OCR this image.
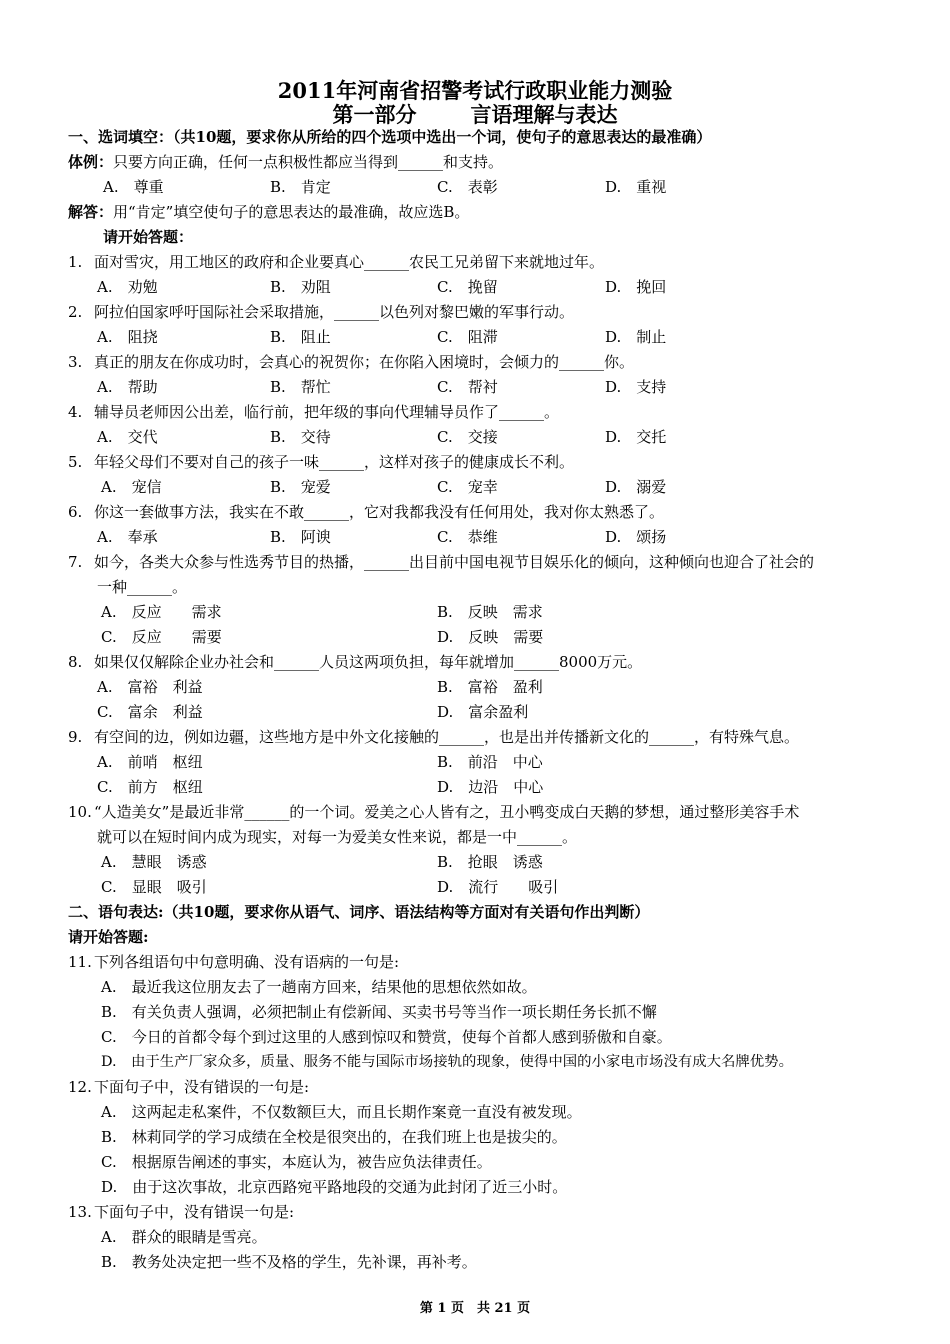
2011年河南省招警考试行政职业能力测验
第一部分	言语理解与表达
一、选词填空：（共10题，要求你从所给的四个选项中选出一个词，使句子的意思表达的最准确）
体例：只要方向正确，任何一点积极性都应当得到______和支持。
A.　尊重	B.　肯定	C.　表彰	D.　重视
解答：用“肯定”填空使句子的意思表达的最准确，故应选B。
请开始答题：
1. 面对雪灾，用工地区的政府和企业要真心______农民工兄弟留下来就地过年。
A.　劝勉	B.　劝阻	C.　挽留	D.　挽回
2. 阿拉伯国家呼吁国际社会采取措施，______以色列对黎巴嫩的军事行动。
A.　阻挠	B.　阻止	C.　阻滞	D.　制止
3. 真正的朋友在你成功时，会真心的祝贺你；在你陷入困境时，会倾力的______你。
A.　帮助	B.　帮忙	C.　帮衬	D.　支持
4. 辅导员老师因公出差，临行前，把年级的事向代理辅导员作了______。
A.　交代	B.　交待	C.　交接	D.　交托
5. 年轻父母们不要对自己的孩子一味______，这样对孩子的健康成长不利。
A.　宠信	B.　宠爱	C.　宠幸	D.　溺爱
6. 你这一套做事方法，我实在不敢______，它对我都我没有任何用处，我对你太熟悉了。
A.　奉承	B.　阿谀	C.　恭维	D.　颂扬
7. 如今，各类大众参与性选秀节目的热播，______出目前中国电视节目娱乐化的倾向，这种倾向也迎合了社会的
一种______。
A.　反应　　需求	B.　反映　需求
C.　反应　　需要	D.　反映　需要
8. 如果仅仅解除企业办社会和______人员这两项负担，每年就增加______8000万元。
A.　富裕　利益	B.　富裕　盈利
C.　富余　利益	D.　富余盈利
9. 有空间的边，例如边疆，这些地方是中外文化接触的______，也是出并传播新文化的______，有特殊气息。
A.　前哨　枢纽	B.　前沿　中心
C.　前方　枢纽	D.　边沿　中心
10. “人造美女”是最近非常______的一个词。爱美之心人皆有之，丑小鸭变成白天鹅的梦想，通过整形美容手术
就可以在短时间内成为现实，对每一为爱美女性来说，都是一中______。
A.　慧眼　诱惑	B.　抢眼　诱惑
C.　显眼　吸引	D.　流行　　吸引
二、语句表达:（共10题，要求你从语气、词序、语法结构等方面对有关语句作出判断）
请开始答题:
11. 下列各组语句中句意明确、没有语病的一句是:
A.　最近我这位朋友去了一趟南方回来，结果他的思想依然如故。
B.　有关负责人强调，必须把制止有偿新闻、买卖书号等当作一项长期任务长抓不懈
C.　今日的首都令每个到过这里的人感到惊叹和赞赏，使每个首都人感到骄傲和自豪。
D.　由于生产厂家众多，质量、服务不能与国际市场接轨的现象，使得中国的小家电市场没有成大名牌优势。
12. 下面句子中，没有错误的一句是:
A.　这两起走私案件，不仅数额巨大，而且长期作案竟一直没有被发现。
B.　林莉同学的学习成绩在全校是很突出的，在我们班上也是拔尖的。
C.　根据原告阐述的事实，本庭认为，被告应负法律责任。
D.　由于这次事故，北京西路宛平路地段的交通为此封闭了近三小时。
13. 下面句子中，没有错误一句是:
A.　群众的眼睛是雪亮。
B.　教务处决定把一些不及格的学生，先补课，再补考。
第 1 页　共 21 页
